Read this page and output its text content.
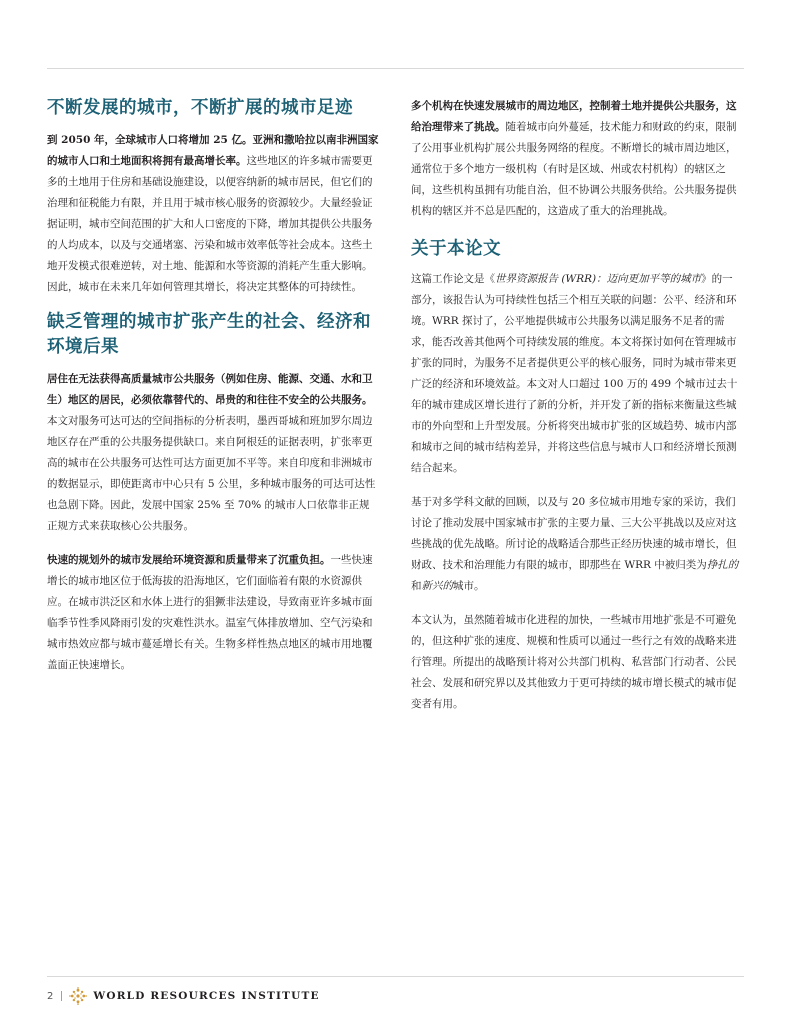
不断发展的城市，不断扩展的城市足迹

到 2050 年，全球城市人口将增加 25 亿。亚洲和撒哈拉以南非洲国家的城市人口和土地面积将拥有最高增长率。这些地区的许多城市需要更多的土地用于住房和基础设施建设，以便容纳新的城市居民，但它们的治理和征税能力有限，并且用于城市核心服务的资源较少。大量经验证据证明，城市空间范围的扩大和人口密度的下降，增加其提供公共服务的人均成本，以及与交通堵塞、污染和城市效率低等社会成本。这些土地开发模式很难逆转，对土地、能源和水等资源的消耗产生重大影响。因此，城市在未来几年如何管理其增长，将决定其整体的可持续性。

缺乏管理的城市扩张产生的社会、经济和环境后果

居住在无法获得高质量城市公共服务（例如住房、能源、交通、水和卫生）地区的居民，必须依靠替代的、昂贵的和往往不安全的公共服务。本文对服务可达可达的空间指标的分析表明，墨西哥城和班加罗尔周边地区存在严重的公共服务提供缺口。来自阿根廷的证据表明，扩张率更高的城市在公共服务可达性可达方面更加不平等。来自印度和非洲城市的数据显示，即使距离市中心只有 5 公里，多种城市服务的可达可达性也急剧下降。因此，发展中国家 25% 至 70% 的城市人口依靠非正规正规方式来获取核心公共服务。

快速的规划外的城市发展给环境资源和质量带来了沉重负担。一些快速增长的城市地区位于低海拔的沿海地区，它们面临着有限的水资源供应。在城市洪泛区和水体上进行的猖獗非法建设，导致南亚许多城市面临季节性季风降雨引发的灾难性洪水。温室气体排放增加、空气污染和城市热效应都与城市蔓延增长有关。生物多样性热点地区的城市用地覆盖面正快速增长。

多个机构在快速发展城市的周边地区，控制着土地并提供公共服务，这给治理带来了挑战。随着城市向外蔓延，技术能力和财政的约束，限制了公用事业机构扩展公共服务网络的程度。不断增长的城市周边地区，通常位于多个地方一级机构（有时是区域、州或农村机构）的辖区之间，这些机构虽拥有功能自治，但不协调公共服务供给。公共服务提供机构的辖区并不总是匹配的，这造成了重大的治理挑战。

关于本论文

这篇工作论文是《世界资源报告 (WRR)：迈向更加平等的城市》的一部分，该报告认为可持续性包括三个相互关联的问题：公平、经济和环境。WRR 探讨了，公平地提供城市公共服务以满足服务不足者的需求，能否改善其他两个可持续发展的维度。本文将探讨如何在管理城市扩张的同时，为服务不足者提供更公平的核心服务，同时为城市带来更广泛的经济和环境效益。本文对人口超过 100 万的 499 个城市过去十年的城市建成区增长进行了新的分析，并开发了新的指标来衡量这些城市的外向型和上升型发展。分析将突出城市扩张的区域趋势、城市内部和城市之间的城市结构差异，并将这些信息与城市人口和经济增长预测结合起来。

基于对多学科文献的回顾，以及与 20 多位城市用地专家的采访，我们讨论了推动发展中国家城市扩张的主要力量、三大公平挑战以及应对这些挑战的优先战略。所讨论的战略适合那些正经历快速的城市增长，但财政、技术和治理能力有限的城市，即那些在 WRR 中被归类为挣扎的和新兴的城市。

本文认为，虽然随着城市化进程的加快，一些城市用地扩张是不可避免的，但这种扩张的速度、规模和性质可以通过一些行之有效的战略来进行管理。所提出的战略预计将对公共部门机构、私营部门行动者、公民社会、发展和研究界以及其他致力于更可持续的城市增长模式的城市促变者有用。

2	WORLD RESOURCES INSTITUTE
